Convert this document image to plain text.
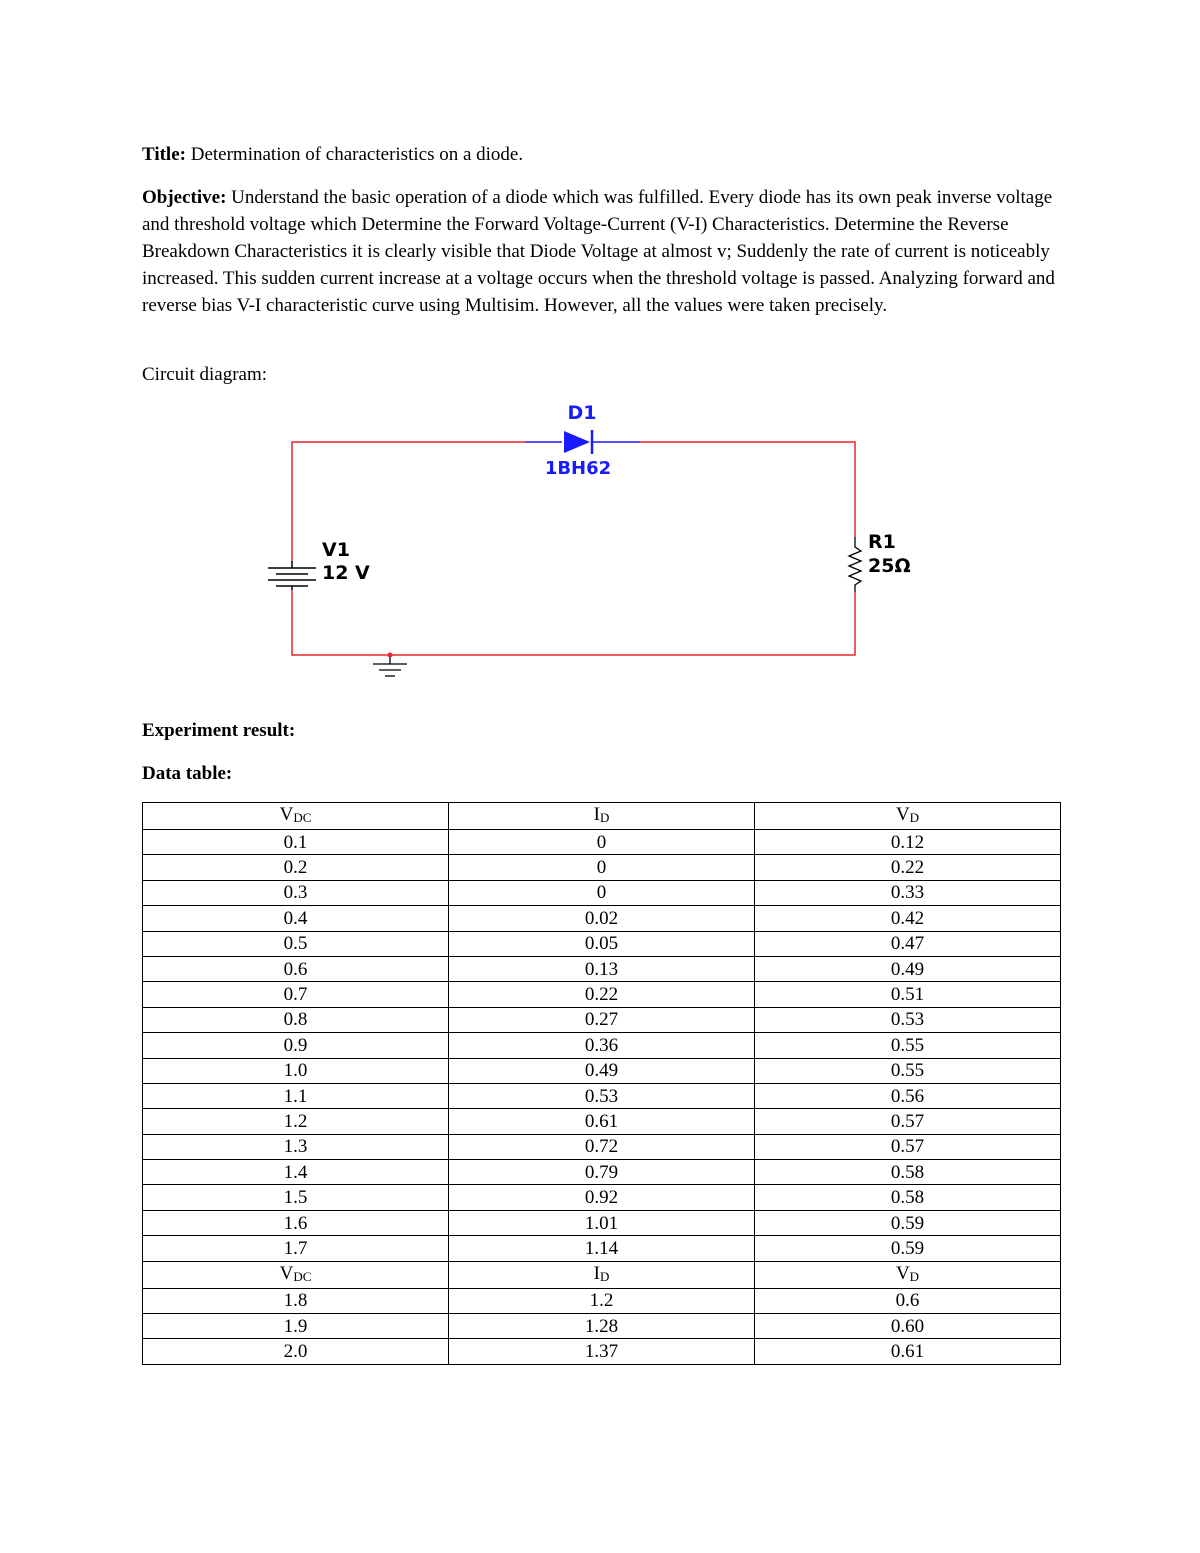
Title: Determination of characteristics on a diode.

Objective: Understand the basic operation of a diode which was fulfilled. Every diode has its own peak inverse voltage and threshold voltage which Determine the Forward Voltage-Current (V-I) Characteristics. Determine the Reverse Breakdown Characteristics it is clearly visible that Diode Voltage at almost v; Suddenly the rate of current is noticeably increased. This sudden current increase at a voltage occurs when the threshold voltage is passed. Analyzing forward and reverse bias V-I characteristic curve using Multisim. However, all the values were taken precisely.

Circuit diagram:

D1
1BH62
V1
12 V
R1
25Ω

Experiment result:

Data table:

$V_{DC}$	$I_D$	$V_D$
0.1	0	0.12
0.2	0	0.22
0.3	0	0.33
0.4	0.02	0.42
0.5	0.05	0.47
0.6	0.13	0.49
0.7	0.22	0.51
0.8	0.27	0.53
0.9	0.36	0.55
1.0	0.49	0.55
1.1	0.53	0.56
1.2	0.61	0.57
1.3	0.72	0.57
1.4	0.79	0.58
1.5	0.92	0.58
1.6	1.01	0.59
1.7	1.14	0.59
$V_{DC}$	$I_D$	$V_D$
1.8	1.2	0.6
1.9	1.28	0.60
2.0	1.37	0.61
